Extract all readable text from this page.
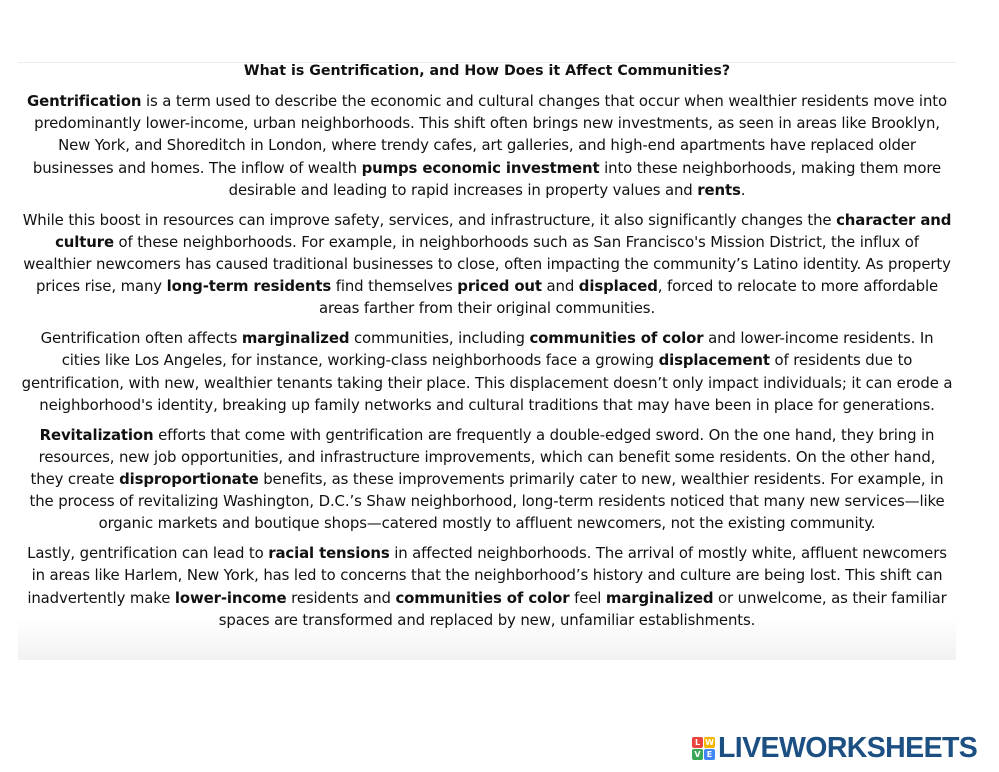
What is Gentrification, and How Does it Affect Communities?

Gentrification is a term used to describe the economic and cultural changes that occur when wealthier residents move into predominantly lower-income, urban neighborhoods. This shift often brings new investments, as seen in areas like Brooklyn, New York, and Shoreditch in London, where trendy cafes, art galleries, and high-end apartments have replaced older businesses and homes. The inflow of wealth pumps economic investment into these neighborhoods, making them more desirable and leading to rapid increases in property values and rents.

While this boost in resources can improve safety, services, and infrastructure, it also significantly changes the character and culture of these neighborhoods. For example, in neighborhoods such as San Francisco's Mission District, the influx of wealthier newcomers has caused traditional businesses to close, often impacting the community’s Latino identity. As property prices rise, many long-term residents find themselves priced out and displaced, forced to relocate to more affordable areas farther from their original communities.

Gentrification often affects marginalized communities, including communities of color and lower-income residents. In cities like Los Angeles, for instance, working-class neighborhoods face a growing displacement of residents due to gentrification, with new, wealthier tenants taking their place. This displacement doesn’t only impact individuals; it can erode a neighborhood's identity, breaking up family networks and cultural traditions that may have been in place for generations.

Revitalization efforts that come with gentrification are frequently a double-edged sword. On the one hand, they bring in resources, new job opportunities, and infrastructure improvements, which can benefit some residents. On the other hand, they create disproportionate benefits, as these improvements primarily cater to new, wealthier residents. For example, in the process of revitalizing Washington, D.C.’s Shaw neighborhood, long-term residents noticed that many new services—like organic markets and boutique shops—catered mostly to affluent newcomers, not the existing community.

Lastly, gentrification can lead to racial tensions in affected neighborhoods. The arrival of mostly white, affluent newcomers in areas like Harlem, New York, has led to concerns that the neighborhood’s history and culture are being lost. This shift can inadvertently make lower-income residents and communities of color feel marginalized or unwelcome, as their familiar spaces are transformed and replaced by new, unfamiliar establishments.

L W
V E LIVEWORKSHEETS
